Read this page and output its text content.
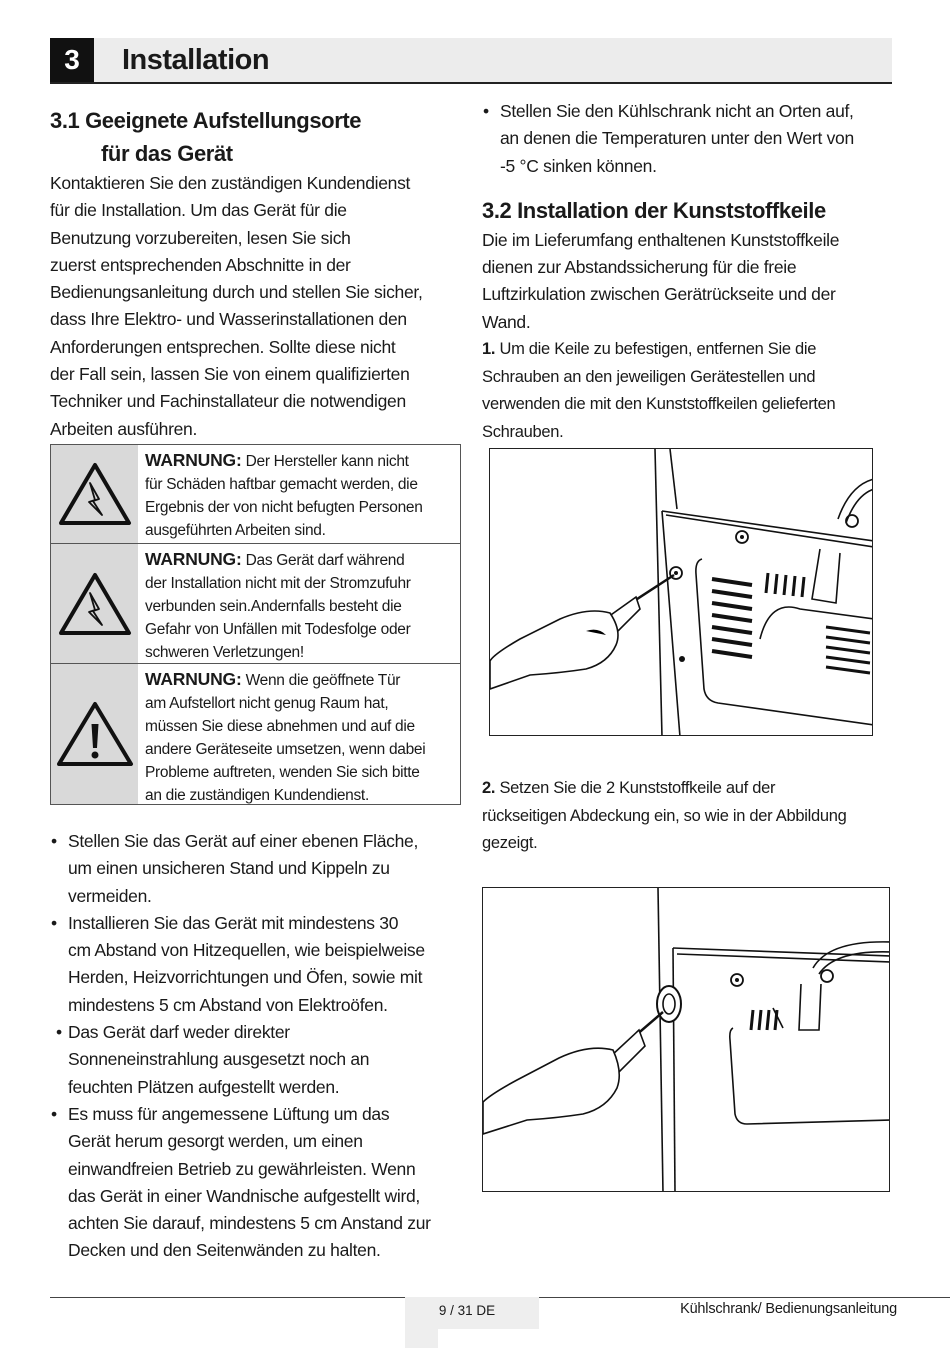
3	Installation
3.1 Geeignete Aufstellungsorte
für das Gerät
Kontaktieren Sie den zuständigen Kundendienst
für die Installation. Um das Gerät für die
Benutzung vorzubereiten, lesen Sie sich
zuerst entsprechenden Abschnitte in der
Bedienungsanleitung durch und stellen Sie sicher,
dass Ihre Elektro- und Wasserinstallationen den
Anforderungen entsprechen. Sollte diese nicht
der Fall sein, lassen Sie von einem qualifizierten
Techniker und Fachinstallateur die notwendigen
Arbeiten ausführen.
WARNUNG: Der Hersteller kann nicht
für Schäden haftbar gemacht werden, die
Ergebnis der von nicht befugten Personen
ausgeführten Arbeiten sind.
WARNUNG: Das Gerät darf während
der Installation nicht mit der Stromzufuhr
verbunden sein.Andernfalls besteht die
Gefahr von Unfällen mit Todesfolge oder
schweren Verletzungen!
WARNUNG: Wenn die geöffnete Tür
am Aufstellort nicht genug Raum hat,
müssen Sie diese abnehmen und auf die
andere Geräteseite umsetzen, wenn dabei
Probleme auftreten, wenden Sie sich bitte
an die zuständigen Kundendienst.
• Stellen Sie das Gerät auf einer ebenen Fläche,
um einen unsicheren Stand und Kippeln zu
vermeiden.
• Installieren Sie das Gerät mit mindestens 30
cm Abstand von Hitzequellen, wie beispielweise
Herden, Heizvorrichtungen und Öfen, sowie mit
mindestens 5 cm Abstand von Elektroöfen.
• Das Gerät darf weder direkter
Sonneneinstrahlung ausgesetzt noch an
feuchten Plätzen aufgestellt werden.
• Es muss für angemessene Lüftung um das
Gerät herum gesorgt werden, um einen
einwandfreien Betrieb zu gewährleisten. Wenn
das Gerät in einer Wandnische aufgestellt wird,
achten Sie darauf, mindestens 5 cm Anstand zur
Decken und den Seitenwänden zu halten.
• Stellen Sie den Kühlschrank nicht an Orten auf,
an denen die Temperaturen unter den Wert von
-5 °C sinken können.
3.2 Installation der Kunststoffkeile
Die im Lieferumfang enthaltenen Kunststoffkeile
dienen zur Abstandssicherung für die freie
Luftzirkulation zwischen Gerätrückseite und der
Wand.
1. Um die Keile zu befestigen, entfernen Sie die
Schrauben an den jeweiligen Gerätestellen und
verwenden die mit den Kunststoffkeilen gelieferten
Schrauben.
2. Setzen Sie die 2 Kunststoffkeile auf der
rückseitigen Abdeckung ein, so wie in der Abbildung
gezeigt.
9 / 31 DE	Kühlschrank/ Bedienungsanleitung
